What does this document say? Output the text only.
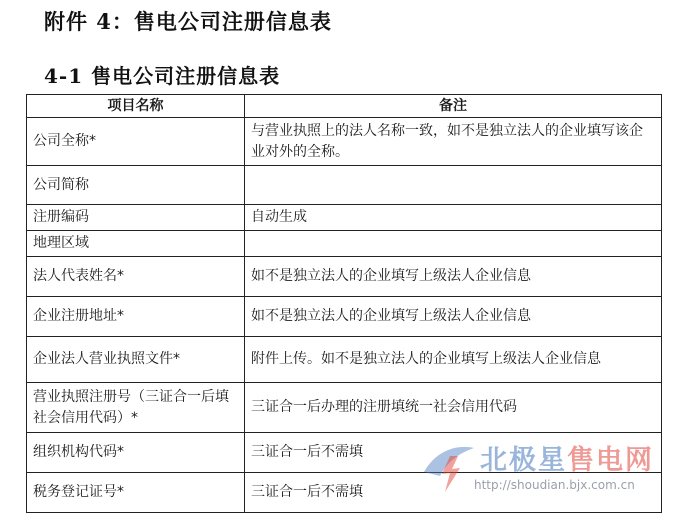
附件 4：售电公司注册信息表
4-1 售电公司注册信息表
项目名称	备注
公司全称*	与营业执照上的法人名称一致，如不是独立法人的企业填写该企业对外的全称。
公司简称	
注册编码	自动生成
地理区域	
法人代表姓名*	如不是独立法人的企业填写上级法人企业信息
企业注册地址*	如不是独立法人的企业填写上级法人企业信息
企业法人营业执照文件*	附件上传。如不是独立法人的企业填写上级法人企业信息
营业执照注册号（三证合一后填社会信用代码）*	三证合一后办理的注册填统一社会信用代码
组织机构代码*	三证合一后不需填
税务登记证号*	三证合一后不需填
北极星售电网
http://shoudian.bjx.com.cn
